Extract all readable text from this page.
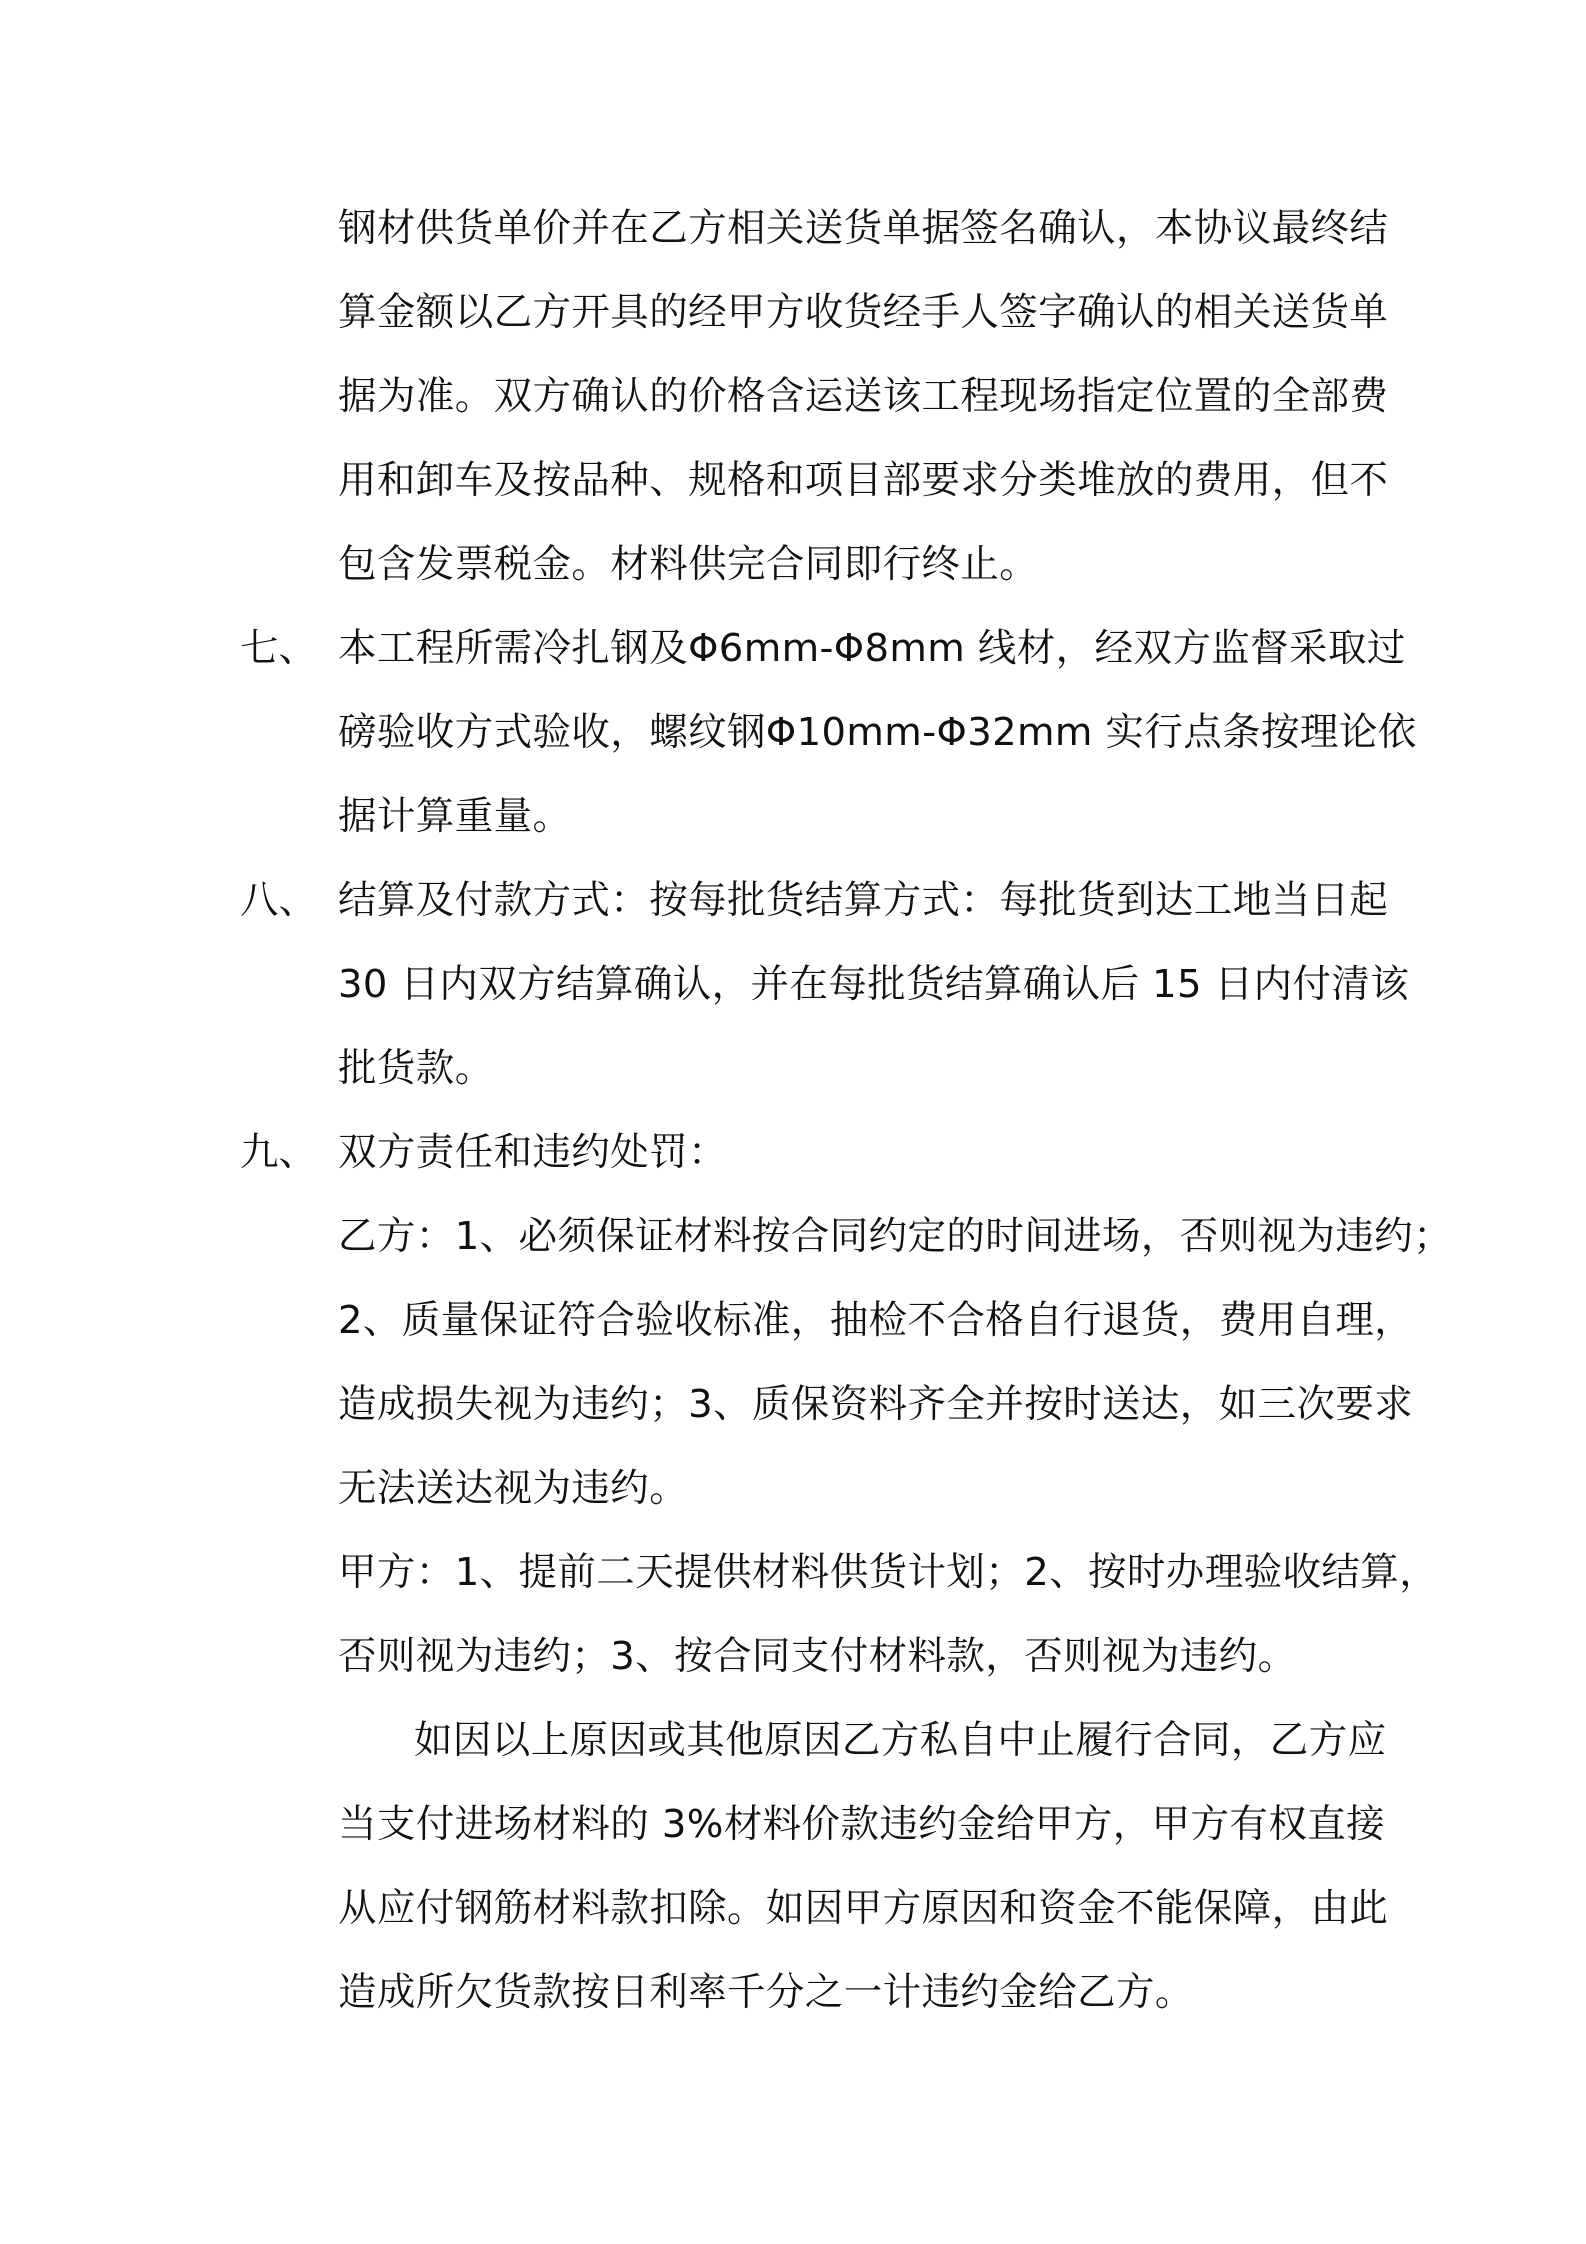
钢材供货单价并在乙方相关送货单据签名确认，本协议最终结
算金额以乙方开具的经甲方收货经手人签字确认的相关送货单
据为准。双方确认的价格含运送该工程现场指定位置的全部费
用和卸车及按品种、规格和项目部要求分类堆放的费用，但不
包含发票税金。材料供完合同即行终止。
七、 本工程所需冷扎钢及Φ6mm-Φ8mm 线材，经双方监督采取过
磅验收方式验收，螺纹钢Φ10mm-Φ32mm 实行点条按理论依
据计算重量。
八、 结算及付款方式：按每批货结算方式：每批货到达工地当日起
30 日内双方结算确认，并在每批货结算确认后 15 日内付清该
批货款。
九、 双方责任和违约处罚：
乙方：1、必须保证材料按合同约定的时间进场，否则视为违约；
2、质量保证符合验收标准，抽检不合格自行退货，费用自理，
造成损失视为违约；3、质保资料齐全并按时送达，如三次要求
无法送达视为违约。
甲方：1、提前二天提供材料供货计划；2、按时办理验收结算，
否则视为违约；3、按合同支付材料款，否则视为违约。
如因以上原因或其他原因乙方私自中止履行合同，乙方应
当支付进场材料的 3%材料价款违约金给甲方，甲方有权直接
从应付钢筋材料款扣除。如因甲方原因和资金不能保障，由此
造成所欠货款按日利率千分之一计违约金给乙方。
